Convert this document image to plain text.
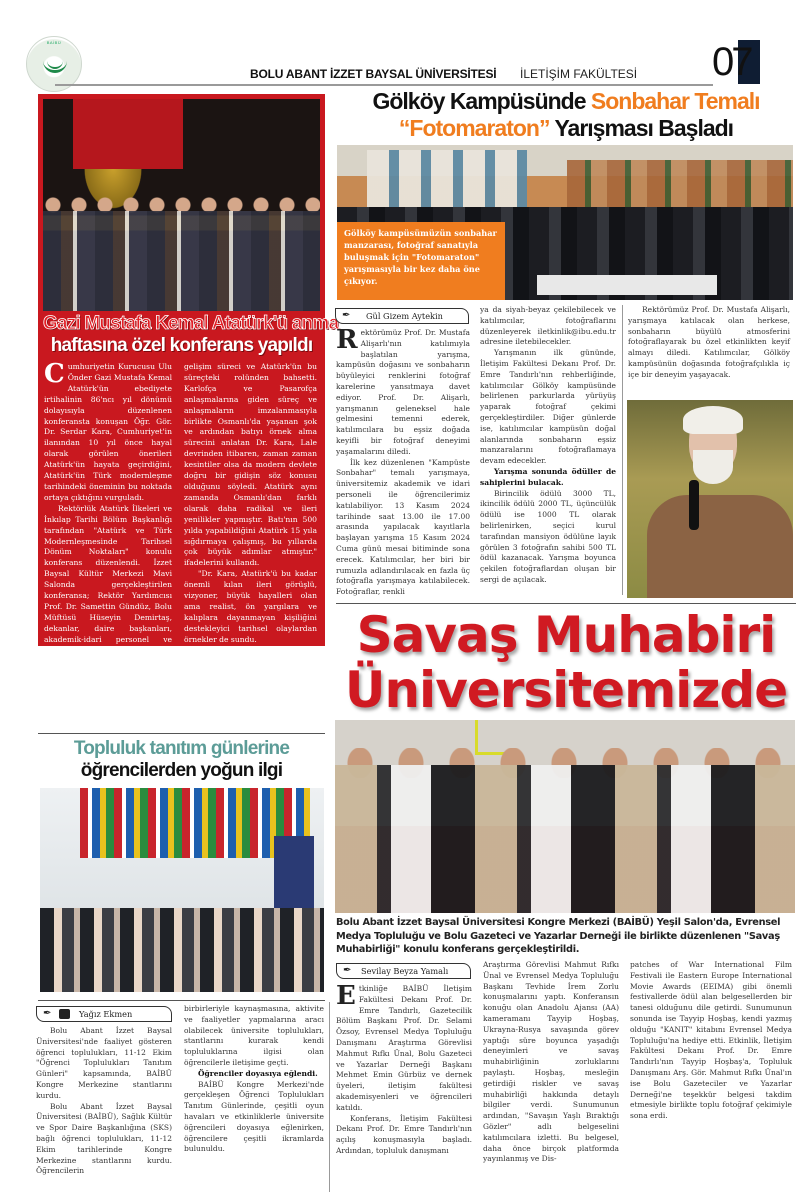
BAİBÜ
BOLU ABANT İZZET BAYSAL ÜNİVERSİTESİ İLETİŞİM FAKÜLTESİ 07
Gazi Mustafa Kemal Atatürk'ü anma
haftasına özel konferans yapıldı

Cumhuriyetin Kurucusu Ulu Önder Gazi Mustafa Kemal Atatürk'ün ebediyete irtihalinin 86'ncı yıl dönümü dolayısıyla düzenlenen konferansta konuşan Öğr. Gör. Dr. Serdar Kara, Cumhuriyet'in ilanından 10 yıl önce hayal olarak görülen önerileri Atatürk'ün hayata geçirdiğini, Atatürk'ün Türk modernleşme tarihindeki öneminin bu noktada ortaya çıktığını vurguladı.

Rektörlük Atatürk İlkeleri ve İnkılap Tarihi Bölüm Başkanlığı tarafından "Atatürk ve Türk Modernleşmesinde Tarihsel Dönüm Noktaları" konulu konferans düzenlendi. İzzet Baysal Kültür Merkezi Mavi Salonda gerçekleştirilen konferansa; Rektör Yardımcısı Prof. Dr. Samettin Gündüz, Bolu Müftüsü Hüseyin Demirtaş, dekanlar, daire başkanları, akademik-idari personel ve öğrenciler katıldı.

Saygı duruşu ve İstiklâl Marşı'nın okunmasının ardından konuşmasına başlayan Öğr. Gör. Dr. Serdar Kara, Türk modernleşmesinin yaklaşık 300 yıllık tarihsel

gelişim süreci ve Atatürk'ün bu süreçteki rolünden bahsetti. Karlofça ve Pasarofça anlaşmalarına giden süreç ve anlaşmaların imzalanmasıyla birlikte Osmanlı'da yaşanan şok ve ardından batıyı örnek alma sürecini anlatan Dr. Kara, Lale devrinden itibaren, zaman zaman kesintiler olsa da modern devlete doğru bir gidişin söz konusu olduğunu söyledi. Atatürk aynı zamanda Osmanlı'dan farklı olarak daha radikal ve ileri yenilikler yapmıştır. Batı'nın 500 yılda yapabildiğini Atatürk 15 yıla sığdırmaya çalışmış, bu yıllarda çok büyük adımlar atmıştır." ifadelerini kullandı.

"Dr. Kara, Atatürk'ü bu kadar önemli kılan ileri görüşlü, vizyoner, büyük hayalleri olan ama realist, ön yargılara ve kalıplara dayanmayan kişiliğini destekleyici tarihsel olaylardan örnekler de sundu.

Konferansın sonunda Öğr. Gör. Dr. Serdar Kara'ya Rektör Yardımcısı Samettin Gündüz tarafından teşekkür belgesi verildi. Toplu fotoğraf çekiminin ardından konferans sona erdi.

Gölköy Kampüsünde Sonbahar Temalı
“Fotomaraton” Yarışması Başladı
Gölköy kampüsümüzün sonbahar manzarası, fotoğraf sanatıyla buluşmak için "Fotomaraton" yarışmasıyla bir kez daha öne çıkıyor.
✒ Gül Gizem Aytekin

Rektörümüz Prof. Dr. Mustafa Alişarlı'nın katılımıyla başlatılan yarışma, kampüsün doğasını ve sonbaharın büyüleyici renklerini fotoğraf karelerine yansıtmaya davet ediyor. Prof. Dr. Alişarlı, yarışmanın geleneksel hale gelmesini temenni ederek, katılımcılara bu eşsiz doğada keyifli bir fotoğraf deneyimi yaşamalarını diledi.

İlk kez düzenlenen "Kampüste Sonbahar" temalı yarışmaya, üniversitemiz akademik ve idari personeli ile öğrencilerimiz katılabiliyor. 13 Kasım 2024 tarihinde saat 13.00 ile 17.00 arasında yapılacak kayıtlarla başlayan yarışma 15 Kasım 2024 Cuma günü mesai bitiminde sona erecek. Katılımcılar, her biri bir rumuzla adlandırılacak en fazla üç fotoğrafla yarışmaya katılabilecek. Fotoğraflar, renkli

ya da siyah-beyaz çekilebilecek ve katılımcılar, fotoğraflarını düzenleyerek iletkinlik@ibu.edu.tr adresine iletebilecekler.

Yarışmanın ilk gününde, İletişim Fakültesi Dekanı Prof. Dr. Emre Tandırlı'nın rehberliğinde, katılımcılar Gölköy kampüsünde belirlenen parkurlarda yürüyüş yaparak fotoğraf çekimi gerçekleştirdiler. Diğer günlerde ise, katılımcılar kampüsün doğal alanlarında sonbaharın eşsiz manzaralarını fotoğraflamaya devam edecekler.

Yarışma sonunda ödüller de sahiplerini bulacak.

Birincilik ödülü 3000 TL, ikincilik ödülü 2000 TL, üçüncülük ödülü ise 1000 TL olarak belirlenirken, seçici kurul tarafından mansiyon ödülüne layık görülen 3 fotoğrafın sahibi 500 TL ödül kazanacak. Yarışma boyunca çekilen fotoğraflardan oluşan bir sergi de açılacak.

Rektörümüz Prof. Dr. Mustafa Alişarlı, yarışmaya katılacak olan herkese, sonbaharın büyülü atmosferini fotoğraflayarak bu özel etkinlikten keyif almayı diledi. Katılımcılar, Gölköy kampüsünün doğasında fotoğrafçılıkla iç içe bir deneyim yaşayacak.

Savaş Muhabiri
Üniversitemizde
Bolu Abant İzzet Baysal Üniversitesi Kongre Merkezi (BAİBÜ) Yeşil Salon'da, Evrensel Medya Topluluğu ve Bolu Gazeteci ve Yazarlar Derneği ile birlikte düzenlenen "Savaş Muhabirliği" konulu konferans gerçekleştirildi.
✒ Sevilay Beyza Yamalı

Etkinliğe BAİBÜ İletişim Fakültesi Dekanı Prof. Dr. Emre Tandırlı, Gazetecilik Bölüm Başkanı Prof. Dr. Selami Özsoy, Evrensel Medya Topluluğu Danışmanı Araştırma Görevlisi Mahmut Rıfkı Ünal, Bolu Gazeteci ve Yazarlar Derneği Başkanı Mehmet Emin Gürbüz ve dernek üyeleri, iletişim fakültesi akademisyenleri ve öğrencileri katıldı.

Konferans, İletişim Fakültesi Dekanı Prof. Dr. Emre Tandırlı'nın açılış konuşmasıyla başladı. Ardından, topluluk danışmanı

Araştırma Görevlisi Mahmut Rıfkı Ünal ve Evrensel Medya Topluluğu Başkanı Tevhide İrem Zorlu konuşmalarını yaptı. Konferansın konuğu olan Anadolu Ajansı (AA) kameramanı Tayyip Hoşbaş, Ukrayna-Rusya savaşında görev yaptığı süre boyunca yaşadığı deneyimleri ve savaş muhabirliğinin zorluklarını paylaştı. Hoşbaş, mesleğin getirdiği riskler ve savaş muhabirliği hakkında detaylı bilgiler verdi. Sunumunun ardından, "Savaşın Yaşlı Bıraktığı Gözler" adlı belgeselini katılımcılara izletti. Bu belgesel, daha önce birçok platformda yayınlanmış ve Dis-

patches of War International Film Festivali ile Eastern Europe International Movie Awards (EEIMA) gibi önemli festivallerde ödül alan belgesellerden bir tanesi olduğunu dile getirdi. Sunumunun sonunda ise Tayyip Hoşbaş, kendi yazmış olduğu "KANIT" kitabını Evrensel Medya Topluluğu'na hediye etti. Etkinlik, İletişim Fakültesi Dekanı Prof. Dr. Emre Tandırlı'nın Tayyip Hoşbaş'a, Topluluk Danışmanı Arş. Gör. Mahmut Rıfkı Ünal'ın ise Bolu Gazeteciler ve Yazarlar Derneği'ne teşekkür belgesi takdim etmesiyle birlikte toplu fotoğraf çekimiyle sona erdi.

Topluluk tanıtım günlerine
öğrencilerden yoğun ilgi
✒	Yağız Ekmen

Bolu Abant İzzet Baysal Üniversitesi'nde faaliyet gösteren öğrenci toplulukları, 11-12 Ekim "Öğrenci Toplulukları Tanıtım Günleri" kapsamında, BAİBÜ Kongre Merkezine stantlarını kurdu.

Bolu Abant İzzet Baysal Üniversitesi (BAİBÜ), Sağlık Kültür ve Spor Daire Başkanlığına (SKS) bağlı öğrenci toplulukları, 11-12 Ekim tarihlerinde Kongre Merkezine stantlarını kurdu. Öğrencilerin

birbirleriyle kaynaşmasına, aktivite ve faaliyetler yapmalarına aracı olabilecek üniversite toplulukları, stantlarını kurarak kendi topluluklarına ilgisi olan öğrencilerle iletişime geçti.

Öğrenciler doyasıya eğlendi.

BAİBÜ Kongre Merkezi'nde gerçekleşen Öğrenci Toplulukları Tanıtım Günlerinde, çeşitli oyun havaları ve etkinliklerle üniversite öğrencileri doyasıya eğlenirken, öğrencilere çeşitli ikramlarda bulunuldu.
